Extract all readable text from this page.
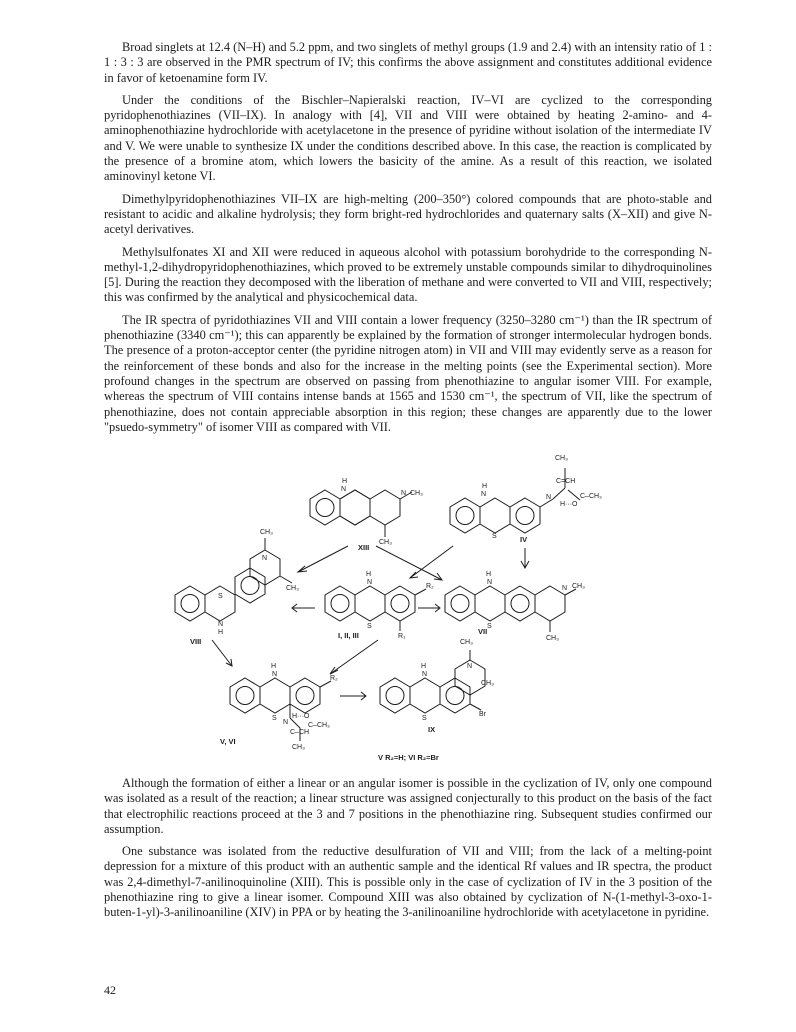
Broad singlets at 12.4 (N–H) and 5.2 ppm, and two singlets of methyl groups (1.9 and 2.4) with an intensity ratio of 1 : 1 : 3 : 3 are observed in the PMR spectrum of IV; this confirms the above assignment and constitutes additional evidence in favor of ketoenamine form IV.

Under the conditions of the Bischler–Napieralski reaction, IV–VI are cyclized to the corresponding pyridophenothiazines (VII–IX). In analogy with [4], VII and VIII were obtained by heating 2-amino- and 4-aminophenothiazine hydrochloride with acetylacetone in the presence of pyridine without isolation of the intermediate IV and V. We were unable to synthesize IX under the conditions described above. In this case, the reaction is complicated by the presence of a bromine atom, which lowers the basicity of the amine. As a result of this reaction, we isolated aminovinyl ketone VI.

Dimethylpyridophenothiazines VII–IX are high-melting (200–350°) colored compounds that are photo-stable and resistant to acidic and alkaline hydrolysis; they form bright-red hydrochlorides and quaternary salts (X–XII) and give N-acetyl derivatives.

Methylsulfonates XI and XII were reduced in aqueous alcohol with potassium borohydride to the corresponding N-methyl-1,2-dihydropyridophenothiazines, which proved to be extremely unstable compounds similar to dihydroquinolines [5]. During the reaction they decomposed with the liberation of methane and were converted to VII and VIII, respectively; this was confirmed by the analytical and physicochemical data.

The IR spectra of pyridothiazines VII and VIII contain a lower frequency (3250–3280 cm⁻¹) than the IR spectrum of phenothiazine (3340 cm⁻¹); this can apparently be explained by the formation of stronger intermolecular hydrogen bonds. The presence of a proton-acceptor center (the pyridine nitrogen atom) in VII and VIII may evidently serve as a reason for the reinforcement of these bonds and also for the increase in the melting points (see the Experimental section). More profound changes in the spectrum are observed on passing from phenothiazine to angular isomer VIII. For example, whereas the spectrum of VIII contains intense bands at 1565 and 1530 cm⁻¹, the spectrum of VII, like the spectrum of phenothiazine, does not contain appreciable absorption in this region; these changes are apparently due to the lower "psuedo-symmetry" of isomer VIII as compared with VII.

H
N
N CH₃
CH₃
CH₃
H
N
S
C=CH
N
H···O
C–CH₃
CH₃
N
CH₃
S
N
H
H
N
S
R₂
R₁
H
N
S
N CH₃
CH₃
H
N
S
R₂
N
H···O
C–CH₃
C–CH
CH₃
CH₃
N
CH₃
H
N
S
Br
XIII
IV
VIII
I, II, III	VII
V, VI
IX
V R₂=H; VI R₂=Br

Although the formation of either a linear or an angular isomer is possible in the cyclization of IV, only one compound was isolated as a result of the reaction; a linear structure was assigned conjecturally to this product on the basis of the fact that electrophilic reactions proceed at the 3 and 7 positions in the phenothiazine ring. Subsequent studies confirmed our assumption.

One substance was isolated from the reductive desulfuration of VII and VIII; from the lack of a melting-point depression for a mixture of this product with an authentic sample and the identical Rf values and IR spectra, the product was 2,4-dimethyl-7-anilinoquinoline (XIII). This is possible only in the case of cyclization of IV in the 3 position of the phenothiazine ring to give a linear isomer. Compound XIII was also obtained by cyclization of N-(1-methyl-3-oxo-1-buten-1-yl)-3-anilinoaniline (XIV) in PPA or by heating the 3-anilinoaniline hydrochloride with acetylacetone in pyridine.

42
